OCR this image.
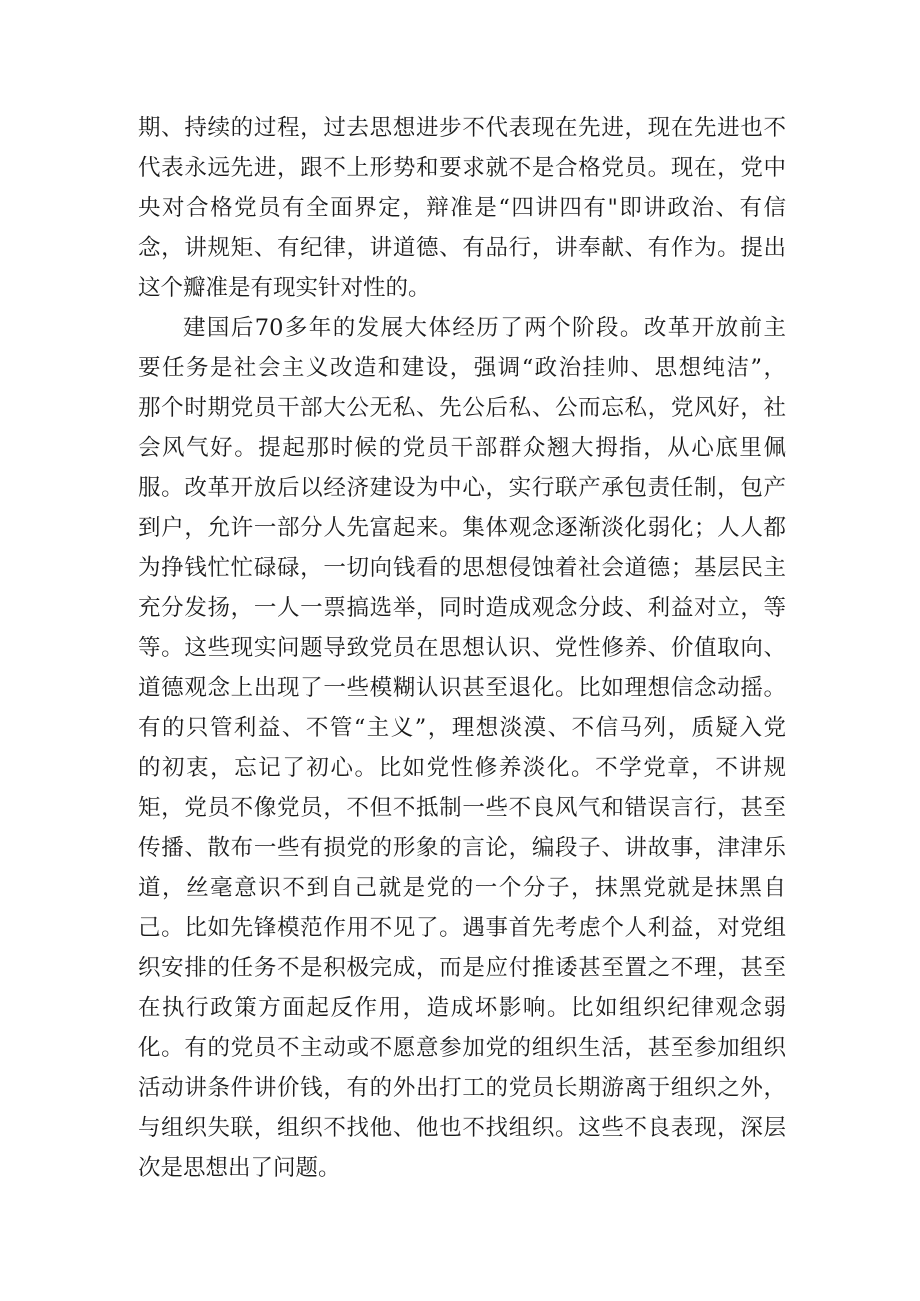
期、持续的过程，过去思想进步不代表现在先进，现在先进也不
代表永远先进，跟不上形势和要求就不是合格党员。现在，党中
央对合格党员有全面界定，辩准是“四讲四有"即讲政治、有信
念，讲规矩、有纪律，讲道德、有品行，讲奉献、有作为。提出
这个瓣准是有现实针对性的。
建国后70多年的发展大体经历了两个阶段。改革开放前主
要任务是社会主义改造和建设，强调“政治挂帅、思想纯洁”，
那个时期党员干部大公无私、先公后私、公而忘私，党风好，社
会风气好。提起那时候的党员干部群众翘大拇指，从心底里佩
服。改革开放后以经济建设为中心，实行联产承包责任制，包产
到户，允许一部分人先富起来。集体观念逐渐淡化弱化；人人都
为挣钱忙忙碌碌，一切向钱看的思想侵蚀着社会道德；基层民主
充分发扬，一人一票搞选举，同时造成观念分歧、利益对立，等
等。这些现实问题导致党员在思想认识、党性修养、价值取向、
道德观念上出现了一些模糊认识甚至退化。比如理想信念动摇。
有的只管利益、不管“主义”，理想淡漠、不信马列，质疑入党
的初衷，忘记了初心。比如党性修养淡化。不学党章，不讲规
矩，党员不像党员，不但不抵制一些不良风气和错误言行，甚至
传播、散布一些有损党的形象的言论，编段子、讲故事，津津乐
道，丝毫意识不到自己就是党的一个分子，抹黑党就是抹黑自
己。比如先锋模范作用不见了。遇事首先考虑个人利益，对党组
织安排的任务不是积极完成，而是应付推诿甚至置之不理，甚至
在执行政策方面起反作用，造成坏影响。比如组织纪律观念弱
化。有的党员不主动或不愿意参加党的组织生活，甚至参加组织
活动讲条件讲价钱，有的外出打工的党员长期游离于组织之外，
与组织失联，组织不找他、他也不找组织。这些不良表现，深层
次是思想出了问题。
